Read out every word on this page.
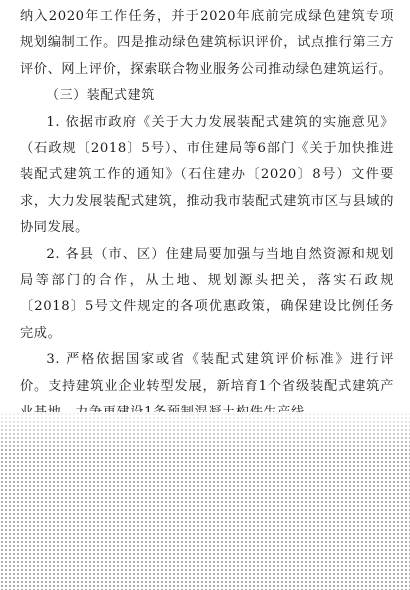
纳入2020年工作任务，并于2020年底前完成绿色建筑专项规划编制工作。四是推动绿色建筑标识评价，试点推行第三方评价、网上评价，探索联合物业服务公司推动绿色建筑运行。

（三）装配式建筑

1. 依据市政府《关于大力发展装配式建筑的实施意见》（石政规〔2018〕5号）、市住建局等6部门《关于加快推进装配式建筑工作的通知》（石住建办〔2020〕8号）文件要求，大力发展装配式建筑，推动我市装配式建筑市区与县域的协同发展。

2. 各县（市、区）住建局要加强与当地自然资源和规划局等部门的合作，从土地、规划源头把关，落实石政规〔2018〕5号文件规定的各项优惠政策，确保建设比例任务完成。

3. 严格依据国家或省《装配式建筑评价标准》进行评价。支持建筑业企业转型发展，新培育1个省级装配式建筑产
